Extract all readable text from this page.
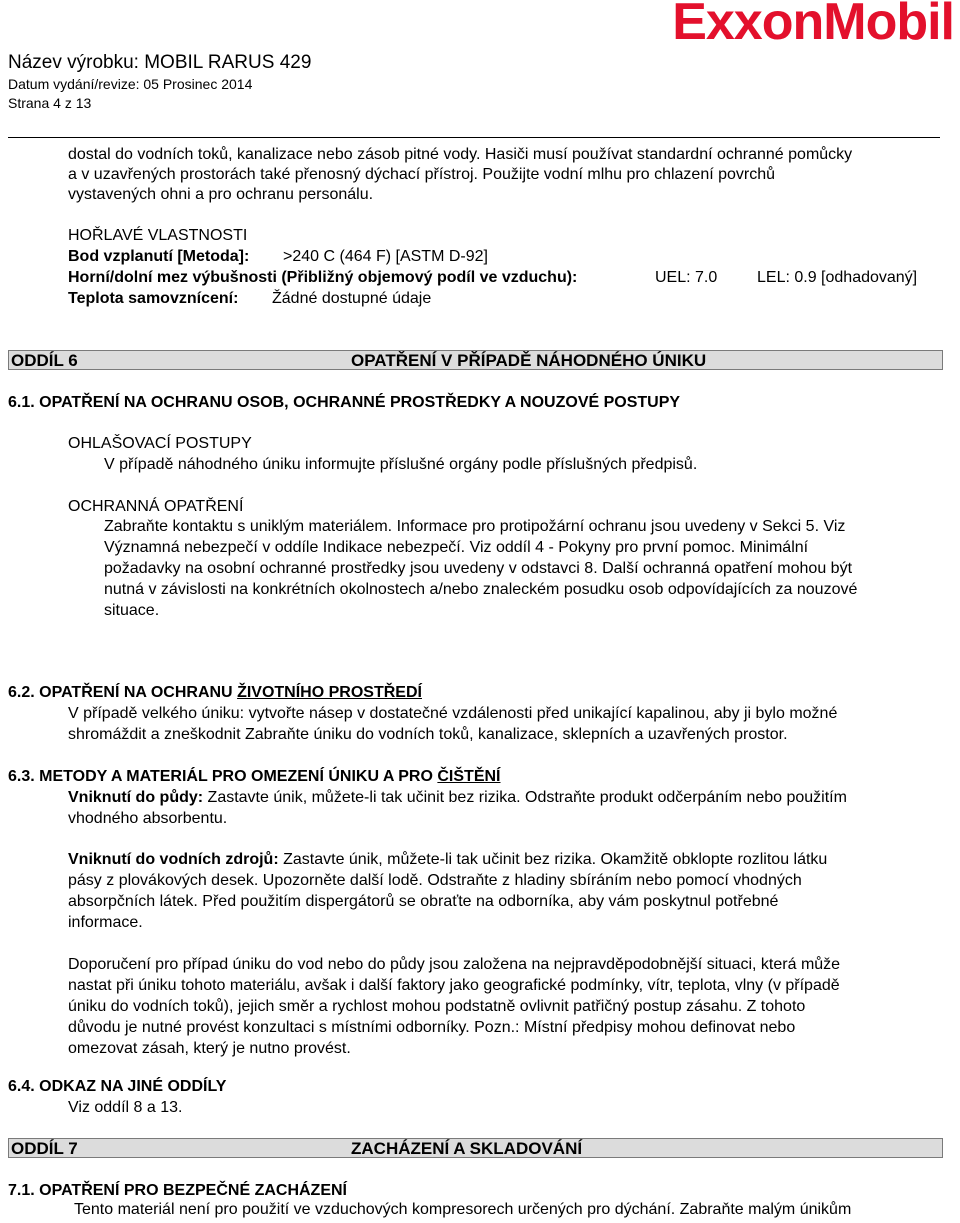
Název výrobku: MOBIL RARUS 429
Datum vydání/revize: 05 Prosinec 2014
Strana 4 z 13
ExxonMobil
dostal do vodních toků, kanalizace nebo zásob pitné vody. Hasiči musí používat standardní ochranné pomůcky
a v uzavřených prostorách také přenosný dýchací přístroj. Použijte vodní mlhu pro chlazení povrchů
vystavených ohni a pro ochranu personálu.
HOŘLAVÉ VLASTNOSTI
Bod vzplanutí [Metoda]: >240 C (464 F) [ASTM D-92]
Horní/dolní mez výbušnosti (Přibližný objemový podíl ve vzduchu):	UEL: 7.0 LEL: 0.9 [odhadovaný]
Teplota samovznícení: Žádné dostupné údaje
ODDÍL 6	OPATŘENÍ V PŘÍPADĚ NÁHODNÉHO ÚNIKU
6.1. OPATŘENÍ NA OCHRANU OSOB, OCHRANNÉ PROSTŘEDKY A NOUZOVÉ POSTUPY
OHLAŠOVACÍ POSTUPY
V případě náhodného úniku informujte příslušné orgány podle příslušných předpisů.
OCHRANNÁ OPATŘENÍ
Zabraňte kontaktu s uniklým materiálem. Informace pro protipožární ochranu jsou uvedeny v Sekci 5. Viz
Významná nebezpečí v oddíle Indikace nebezpečí. Viz oddíl 4 - Pokyny pro první pomoc. Minimální
požadavky na osobní ochranné prostředky jsou uvedeny v odstavci 8. Další ochranná opatření mohou být
nutná v závislosti na konkrétních okolnostech a/nebo znaleckém posudku osob odpovídajících za nouzové
situace.
6.2. OPATŘENÍ NA OCHRANU ŽIVOTNÍHO PROSTŘEDÍ
V případě velkého úniku: vytvořte násep v dostatečné vzdálenosti před unikající kapalinou, aby ji bylo možné
shromáždit a zneškodnit Zabraňte úniku do vodních toků, kanalizace, sklepních a uzavřených prostor.
6.3. METODY A MATERIÁL PRO OMEZENÍ ÚNIKU A PRO ČIŠTĚNÍ
Vniknutí do půdy: Zastavte únik, můžete-li tak učinit bez rizika. Odstraňte produkt odčerpáním nebo použitím
vhodného absorbentu.
Vniknutí do vodních zdrojů: Zastavte únik, můžete-li tak učinit bez rizika. Okamžitě obklopte rozlitou látku
pásy z plovákových desek. Upozorněte další lodě. Odstraňte z hladiny sbíráním nebo pomocí vhodných
absorpčních látek. Před použitím dispergátorů se obraťte na odborníka, aby vám poskytnul potřebné
informace.
Doporučení pro případ úniku do vod nebo do půdy jsou založena na nejpravděpodobnější situaci, která může
nastat při úniku tohoto materiálu, avšak i další faktory jako geografické podmínky, vítr, teplota, vlny (v případě
úniku do vodních toků), jejich směr a rychlost mohou podstatně ovlivnit patřičný postup zásahu. Z tohoto
důvodu je nutné provést konzultaci s místními odborníky. Pozn.: Místní předpisy mohou definovat nebo
omezovat zásah, který je nutno provést.
6.4. ODKAZ NA JINÉ ODDÍLY
Viz oddíl 8 a 13.
ODDÍL 7	ZACHÁZENÍ A SKLADOVÁNÍ
7.1. OPATŘENÍ PRO BEZPEČNÉ ZACHÁZENÍ
Tento materiál není pro použití ve vzduchových kompresorech určených pro dýchání. Zabraňte malým únikům
